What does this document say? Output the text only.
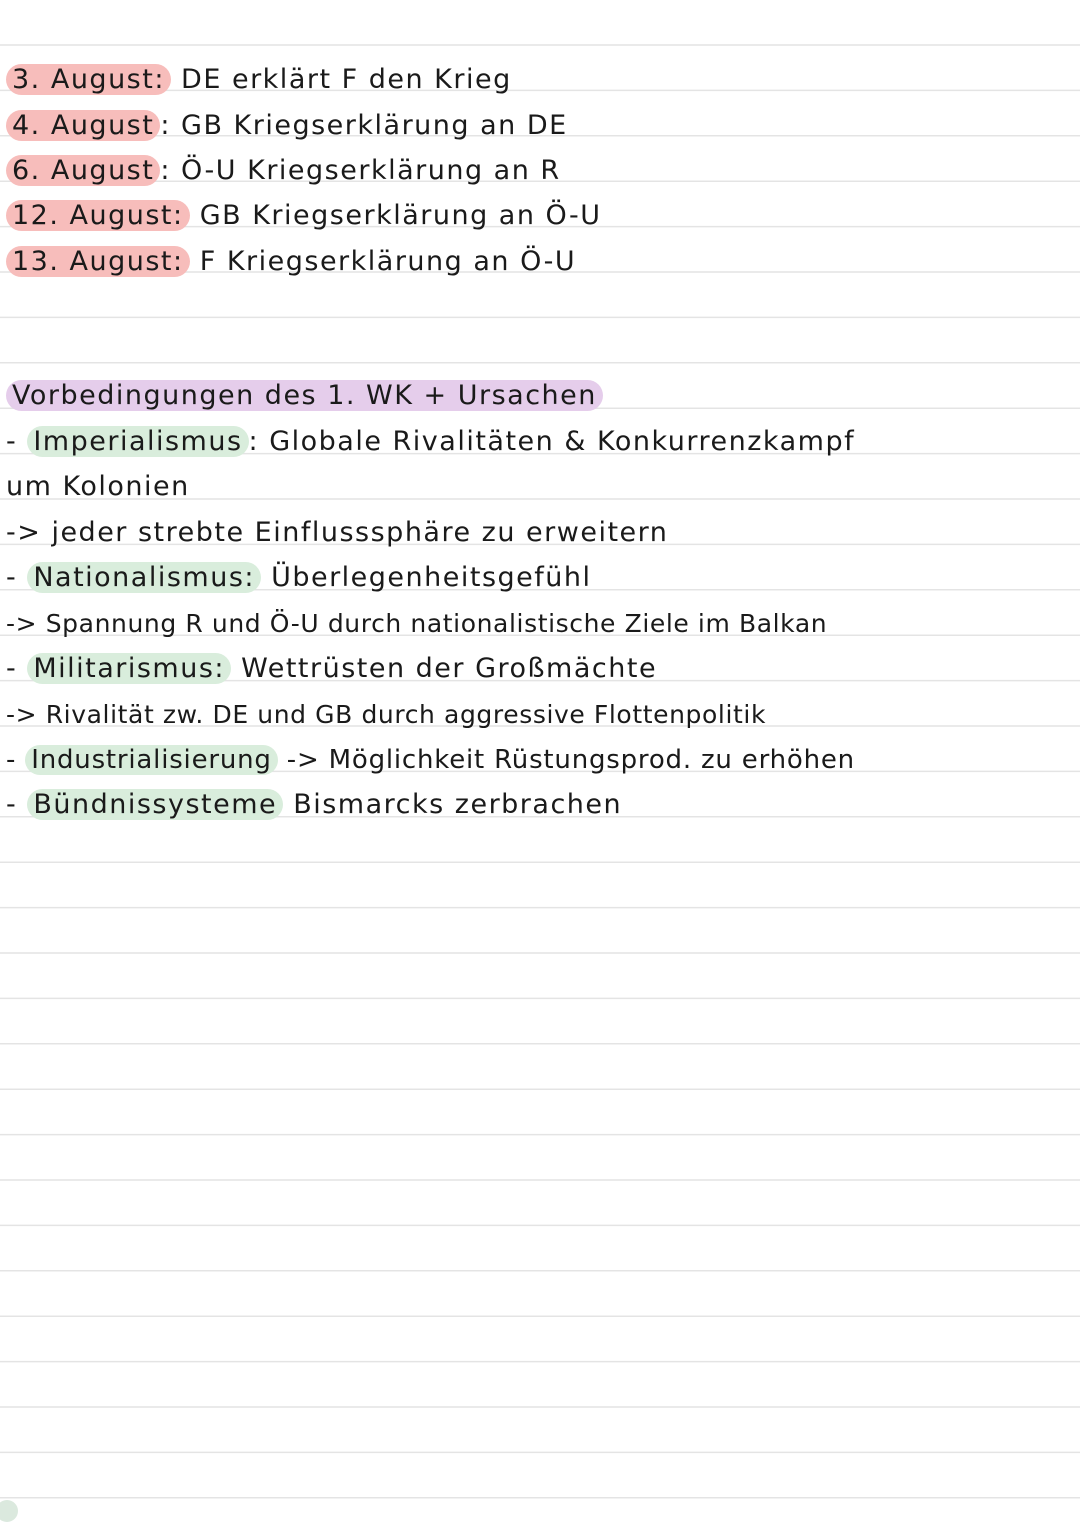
3. August: DE erklärt F den Krieg
4. August : GB Kriegserklärung an DE
6. August : Ö-U Kriegserklärung an R
12. August: GB Kriegserklärung an Ö-U
13. August: F Kriegserklärung an Ö-U
Vorbedingungen des 1. WK + Ursachen
- Imperialismus : Globale Rivalitäten & Konkurrenzkampf
um Kolonien
-> jeder strebte Einflusssphäre zu erweitern
- Nationalismus: Überlegenheitsgefühl
-> Spannung R und Ö-U durch nationalistische Ziele im Balkan
- Militarismus: Wettrüsten der Großmächte
-> Rivalität zw. DE und GB durch aggressive Flottenpolitik
- Industrialisierung -> Möglichkeit Rüstungsprod. zu erhöhen
- Bündnissysteme Bismarcks zerbrachen
